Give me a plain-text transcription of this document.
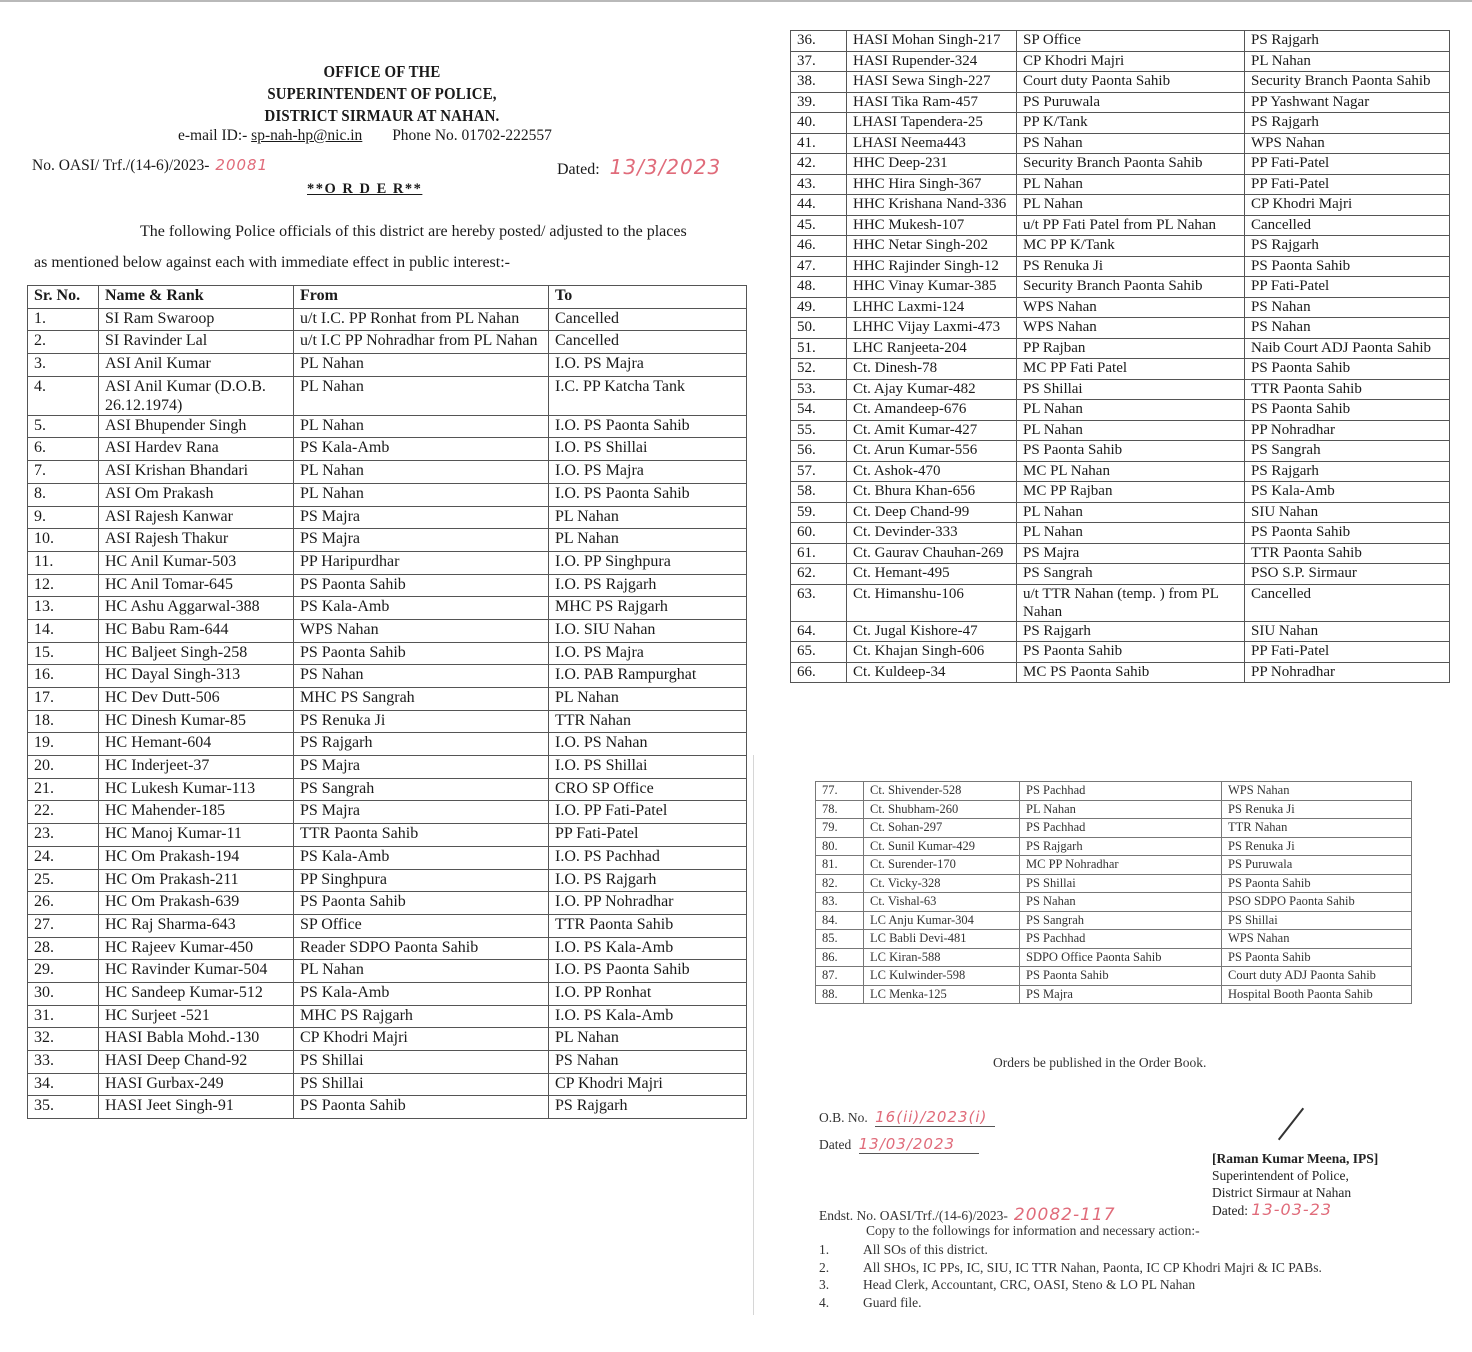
OFFICE OF THE
SUPERINTENDENT OF POLICE,
DISTRICT SIRMAUR AT NAHAN.
e-mail ID:- sp-nah-hp@nic.in Phone No. 01702-222557
No. OASI/ Trf./(14-6)/2023- 20081	Dated: 13/3/2023
**O R D E R**
The following Police officials of this district are hereby posted/ adjusted to the places
as mentioned below against each with immediate effect in public interest:-
Sr. No.	Name & Rank	From	To
1.	SI Ram Swaroop	u/t I.C. PP Ronhat from PL Nahan	Cancelled
2.	SI Ravinder Lal	u/t I.C PP Nohradhar from PL Nahan	Cancelled
3.	ASI Anil Kumar	PL Nahan	I.O. PS Majra
4.	ASI Anil Kumar (D.O.B. 26.12.1974)	PL Nahan	I.C. PP Katcha Tank
5.	ASI Bhupender Singh	PL Nahan	I.O. PS Paonta Sahib
6.	ASI Hardev Rana	PS Kala-Amb	I.O. PS Shillai
7.	ASI Krishan Bhandari	PL Nahan	I.O. PS Majra
8.	ASI Om Prakash	PL Nahan	I.O. PS Paonta Sahib
9.	ASI Rajesh Kanwar	PS Majra	PL Nahan
10.	ASI Rajesh Thakur	PS Majra	PL Nahan
11.	HC Anil Kumar-503	PP Haripurdhar	I.O. PP Singhpura
12.	HC Anil Tomar-645	PS Paonta Sahib	I.O. PS Rajgarh
13.	HC Ashu Aggarwal-388	PS Kala-Amb	MHC PS Rajgarh
14.	HC Babu Ram-644	WPS Nahan	I.O. SIU Nahan
15.	HC Baljeet Singh-258	PS Paonta Sahib	I.O. PS Majra
16.	HC Dayal Singh-313	PS Nahan	I.O. PAB Rampurghat
17.	HC Dev Dutt-506	MHC PS Sangrah	PL Nahan
18.	HC Dinesh Kumar-85	PS Renuka Ji	TTR Nahan
19.	HC Hemant-604	PS Rajgarh	I.O. PS Nahan
20.	HC Inderjeet-37	PS Majra	I.O. PS Shillai
21.	HC Lukesh Kumar-113	PS Sangrah	CRO SP Office
22.	HC Mahender-185	PS Majra	I.O. PP Fati-Patel
23.	HC Manoj Kumar-11	TTR Paonta Sahib	PP Fati-Patel
24.	HC Om Prakash-194	PS Kala-Amb	I.O. PS Pachhad
25.	HC Om Prakash-211	PP Singhpura	I.O. PS Rajgarh
26.	HC Om Prakash-639	PS Paonta Sahib	I.O. PP Nohradhar
27.	HC Raj Sharma-643	SP Office	TTR Paonta Sahib
28.	HC Rajeev Kumar-450	Reader SDPO Paonta Sahib	I.O. PS Kala-Amb
29.	HC Ravinder Kumar-504	PL Nahan	I.O. PS Paonta Sahib
30.	HC Sandeep Kumar-512	PS Kala-Amb	I.O. PP Ronhat
31.	HC Surjeet -521	MHC PS Rajgarh	I.O. PS Kala-Amb
32.	HASI Babla Mohd.-130	CP Khodri Majri	PL Nahan
33.	HASI Deep Chand-92	PS Shillai	PS Nahan
34.	HASI Gurbax-249	PS Shillai	CP Khodri Majri
35.	HASI Jeet Singh-91	PS Paonta Sahib	PS Rajgarh
36.	HASI Mohan Singh-217	SP Office	PS Rajgarh
37.	HASI Rupender-324	CP Khodri Majri	PL Nahan
38.	HASI Sewa Singh-227	Court duty Paonta Sahib	Security Branch Paonta Sahib
39.	HASI Tika Ram-457	PS Puruwala	PP Yashwant Nagar
40.	LHASI Tapendera-25	PP K/Tank	PS Rajgarh
41.	LHASI Neema443	PS Nahan	WPS Nahan
42.	HHC Deep-231	Security Branch Paonta Sahib	PP Fati-Patel
43.	HHC Hira Singh-367	PL Nahan	PP Fati-Patel
44.	HHC Krishana Nand-336	PL Nahan	CP Khodri Majri
45.	HHC Mukesh-107	u/t PP Fati Patel from PL Nahan	Cancelled
46.	HHC Netar Singh-202	MC PP K/Tank	PS Rajgarh
47.	HHC Rajinder Singh-12	PS Renuka Ji	PS Paonta Sahib
48.	HHC Vinay Kumar-385	Security Branch Paonta Sahib	PP Fati-Patel
49.	LHHC Laxmi-124	WPS Nahan	PS Nahan
50.	LHHC Vijay Laxmi-473	WPS Nahan	PS Nahan
51.	LHC Ranjeeta-204	PP Rajban	Naib Court ADJ Paonta Sahib
52.	Ct. Dinesh-78	MC PP Fati Patel	PS Paonta Sahib
53.	Ct. Ajay Kumar-482	PS Shillai	TTR Paonta Sahib
54.	Ct. Amandeep-676	PL Nahan	PS Paonta Sahib
55.	Ct. Amit Kumar-427	PL Nahan	PP Nohradhar
56.	Ct. Arun Kumar-556	PS Paonta Sahib	PS Sangrah
57.	Ct. Ashok-470	MC PL Nahan	PS Rajgarh
58.	Ct. Bhura Khan-656	MC PP Rajban	PS Kala-Amb
59.	Ct. Deep Chand-99	PL Nahan	SIU Nahan
60.	Ct. Devinder-333	PL Nahan	PS Paonta Sahib
61.	Ct. Gaurav Chauhan-269	PS Majra	TTR Paonta Sahib
62.	Ct. Hemant-495	PS Sangrah	PSO S.P. Sirmaur
63.	Ct. Himanshu-106	u/t TTR Nahan (temp. ) from PL Nahan	Cancelled
64.	Ct. Jugal Kishore-47	PS Rajgarh	SIU Nahan
65.	Ct. Khajan Singh-606	PS Paonta Sahib	PP Fati-Patel
66.	Ct. Kuldeep-34	MC PS Paonta Sahib	PP Nohradhar
77.	Ct. Shivender-528	PS Pachhad	WPS Nahan
78.	Ct. Shubham-260	PL Nahan	PS Renuka Ji
79.	Ct. Sohan-297	PS Pachhad	TTR Nahan
80.	Ct. Sunil Kumar-429	PS Rajgarh	PS Renuka Ji
81.	Ct. Surender-170	MC PP Nohradhar	PS Puruwala
82.	Ct. Vicky-328	PS Shillai	PS Paonta Sahib
83.	Ct. Vishal-63	PS Nahan	PSO SDPO Paonta Sahib
84.	LC Anju Kumar-304	PS Sangrah	PS Shillai
85.	LC Babli Devi-481	PS Pachhad	WPS Nahan
86.	LC Kiran-588	SDPO Office Paonta Sahib	PS Paonta Sahib
87.	LC Kulwinder-598	PS Paonta Sahib	Court duty ADJ Paonta Sahib
88.	LC Menka-125	PS Majra	Hospital Booth Paonta Sahib
Orders be published in the Order Book.
O.B. No. 16(ii)/2023(i)
Dated 13/03/2023
[Raman Kumar Meena, IPS]
Superintendent of Police,
District Sirmaur at Nahan
Dated: 13-03-23
Endst. No. OASI/Trf./(14-6)/2023- 20082-117
Copy to the followings for information and necessary action:-
1.	All SOs of this district.
2.	All SHOs, IC PPs, IC, SIU, IC TTR Nahan, Paonta, IC CP Khodri Majri & IC PABs.
3.	Head Clerk, Accountant, CRC, OASI, Steno & LO PL Nahan
4.	Guard file.
